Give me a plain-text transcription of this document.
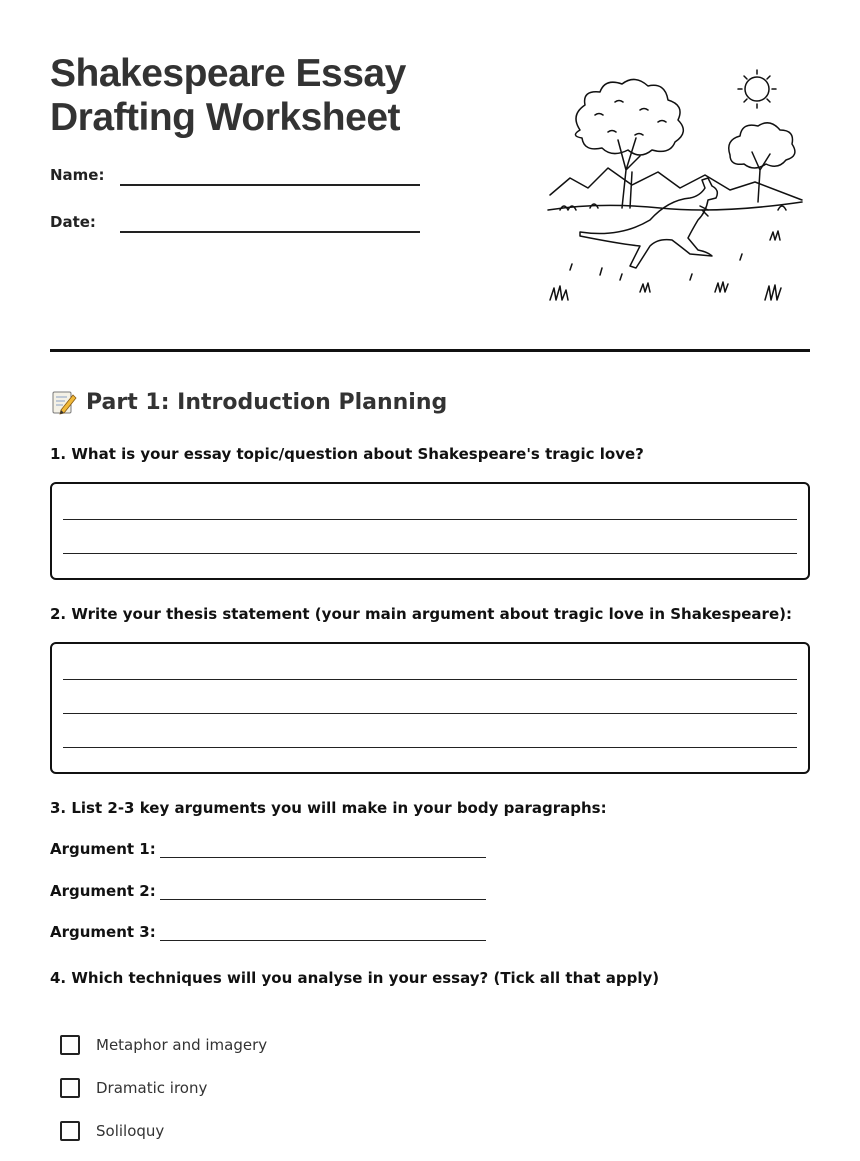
Shakespeare Essay
Drafting Worksheet
Name:
Date:
Part 1: Introduction Planning
1. What is your essay topic/question about Shakespeare's tragic love?
2. Write your thesis statement (your main argument about tragic love in Shakespeare):
3. List 2-3 key arguments you will make in your body paragraphs:
Argument 1:
Argument 2:
Argument 3:
4. Which techniques will you analyse in your essay? (Tick all that apply)
Metaphor and imagery
Dramatic irony
Soliloquy
